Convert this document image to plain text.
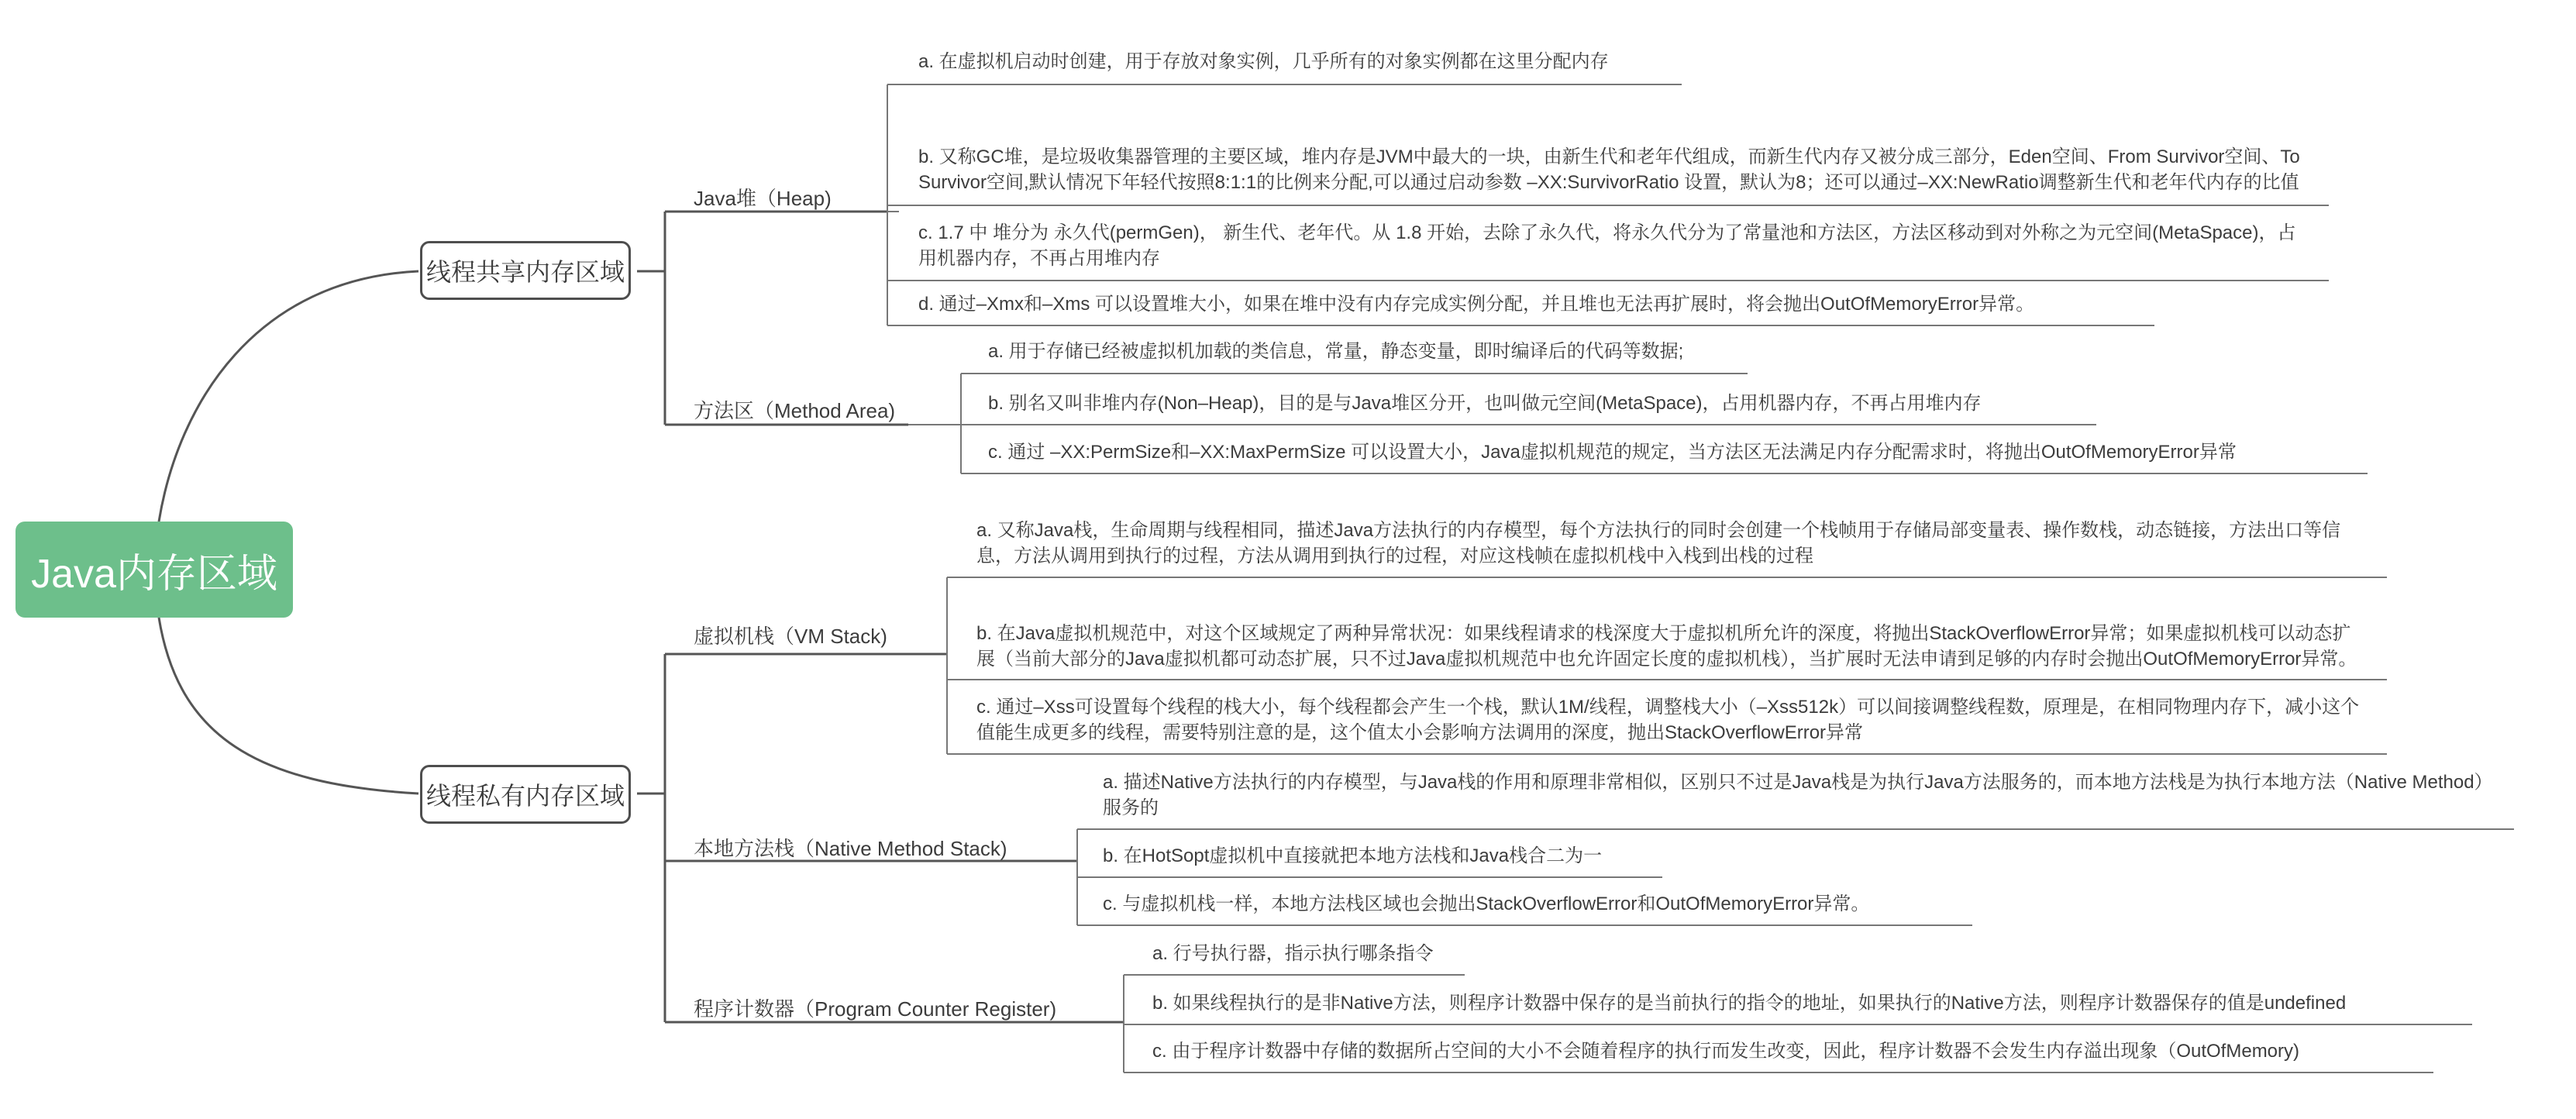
Java内存区域
线程共享内存区域
线程私有内存区域
Java堆（Heap)
方法区（Method Area)
虚拟机栈（VM Stack)
本地方法栈（Native Method Stack)
程序计数器（Program Counter Register)
a. 在虚拟机启动时创建，用于存放对象实例，几乎所有的对象实例都在这里分配内存
b. 又称GC堆，是垃圾收集器管理的主要区域，堆内存是JVM中最大的一块，由新生代和老年代组成，而新生代内存又被分成三部分，Eden空间、From Survivor空间、To Survivor空间,默认情况下年轻代按照8:1:1的比例来分配,可以通过启动参数 –XX:SurvivorRatio 设置，默认为8；还可以通过–XX:NewRatio调整新生代和老年代内存的比值
c. 1.7 中 堆分为 永久代(permGen)， 新生代、老年代。从 1.8 开始，去除了永久代，将永久代分为了常量池和方法区，方法区移动到对外称之为元空间(MetaSpace)，占用机器内存，不再占用堆内存
d. 通过–Xmx和–Xms 可以设置堆大小，如果在堆中没有内存完成实例分配，并且堆也无法再扩展时，将会抛出OutOfMemoryError异常。
a. 用于存储已经被虚拟机加载的类信息，常量，静态变量，即时编译后的代码等数据;
b. 别名又叫非堆内存(Non–Heap)，目的是与Java堆区分开，也叫做元空间(MetaSpace)，占用机器内存，不再占用堆内存
c. 通过 –XX:PermSize和–XX:MaxPermSize 可以设置大小，Java虚拟机规范的规定，当方法区无法满足内存分配需求时，将抛出OutOfMemoryError异常
a. 又称Java栈，生命周期与线程相同，描述Java方法执行的内存模型，每个方法执行的同时会创建一个栈帧用于存储局部变量表、操作数栈，动态链接，方法出口等信息，方法从调用到执行的过程，方法从调用到执行的过程，对应这栈帧在虚拟机栈中入栈到出栈的过程
b. 在Java虚拟机规范中，对这个区域规定了两种异常状况：如果线程请求的栈深度大于虚拟机所允许的深度，将抛出StackOverflowError异常；如果虚拟机栈可以动态扩展（当前大部分的Java虚拟机都可动态扩展，只不过Java虚拟机规范中也允许固定长度的虚拟机栈），当扩展时无法申请到足够的内存时会抛出OutOfMemoryError异常。
c. 通过–Xss可设置每个线程的栈大小，每个线程都会产生一个栈，默认1M/线程，调整栈大小（–Xss512k）可以间接调整线程数，原理是，在相同物理内存下，减小这个值能生成更多的线程，需要特别注意的是，这个值太小会影响方法调用的深度，抛出StackOverflowError异常
a. 描述Native方法执行的内存模型，与Java栈的作用和原理非常相似，区别只不过是Java栈是为执行Java方法服务的，而本地方法栈是为执行本地方法（Native Method）服务的
b. 在HotSopt虚拟机中直接就把本地方法栈和Java栈合二为一
c. 与虚拟机栈一样，本地方法栈区域也会抛出StackOverflowError和OutOfMemoryError异常。
a. 行号执行器，指示执行哪条指令
b. 如果线程执行的是非Native方法，则程序计数器中保存的是当前执行的指令的地址，如果执行的Native方法，则程序计数器保存的值是undefined
c. 由于程序计数器中存储的数据所占空间的大小不会随着程序的执行而发生改变，因此，程序计数器不会发生内存溢出现象（OutOfMemory)
